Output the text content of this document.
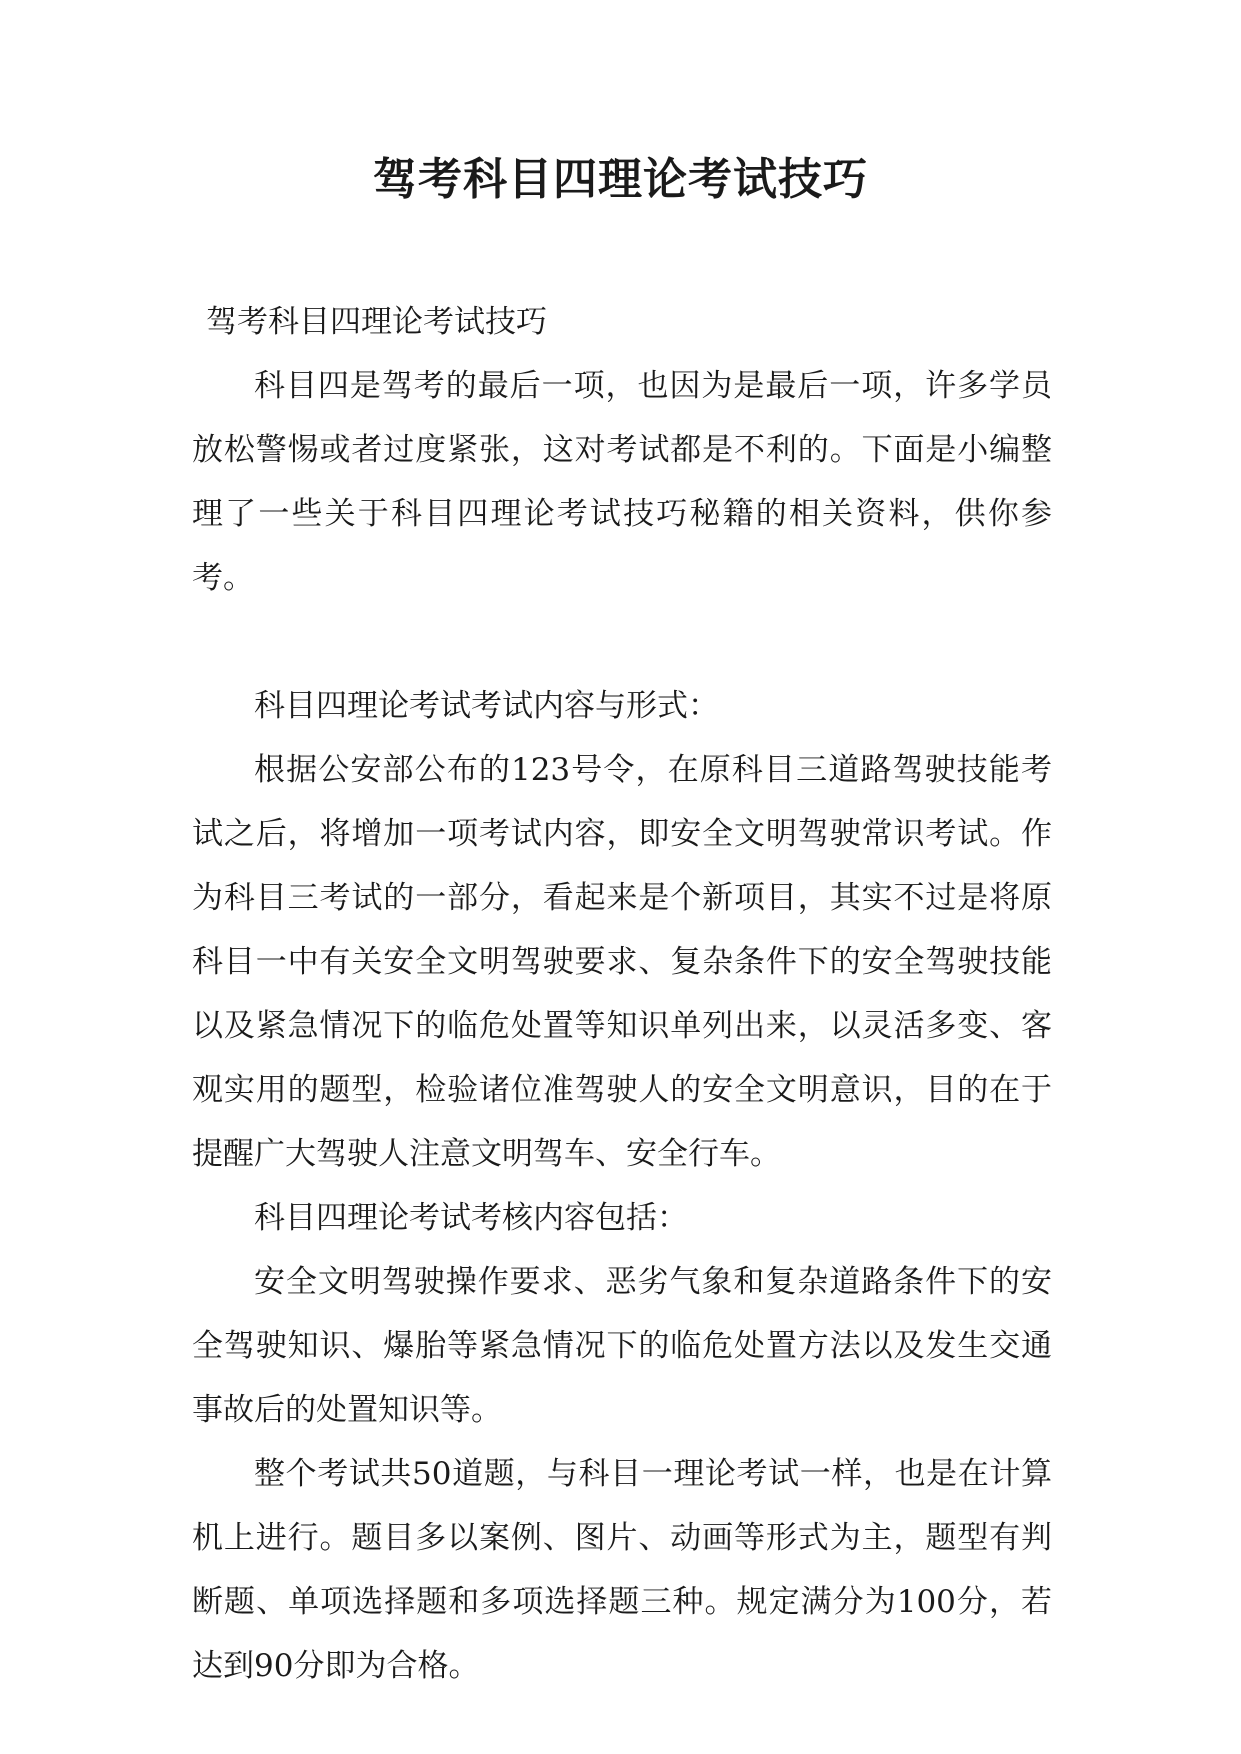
驾考科目四理论考试技巧

驾考科目四理论考试技巧

科目四是驾考的最后一项，也因为是最后一项，许多学员放松警惕或者过度紧张，这对考试都是不利的。下面是小编整理了一些关于科目四理论考试技巧秘籍的相关资料，供你参考。

科目四理论考试考试内容与形式：

根据公安部公布的123号令，在原科目三道路驾驶技能考试之后，将增加一项考试内容，即安全文明驾驶常识考试。作为科目三考试的一部分，看起来是个新项目，其实不过是将原科目一中有关安全文明驾驶要求、复杂条件下的安全驾驶技能以及紧急情况下的临危处置等知识单列出来，以灵活多变、客观实用的题型，检验诸位准驾驶人的安全文明意识，目的在于提醒广大驾驶人注意文明驾车、安全行车。

科目四理论考试考核内容包括：

安全文明驾驶操作要求、恶劣气象和复杂道路条件下的安全驾驶知识、爆胎等紧急情况下的临危处置方法以及发生交通事故后的处置知识等。

整个考试共50道题，与科目一理论考试一样，也是在计算机上进行。题目多以案例、图片、动画等形式为主，题型有判断题、单项选择题和多项选择题三种。规定满分为100分，若达到90分即为合格。
